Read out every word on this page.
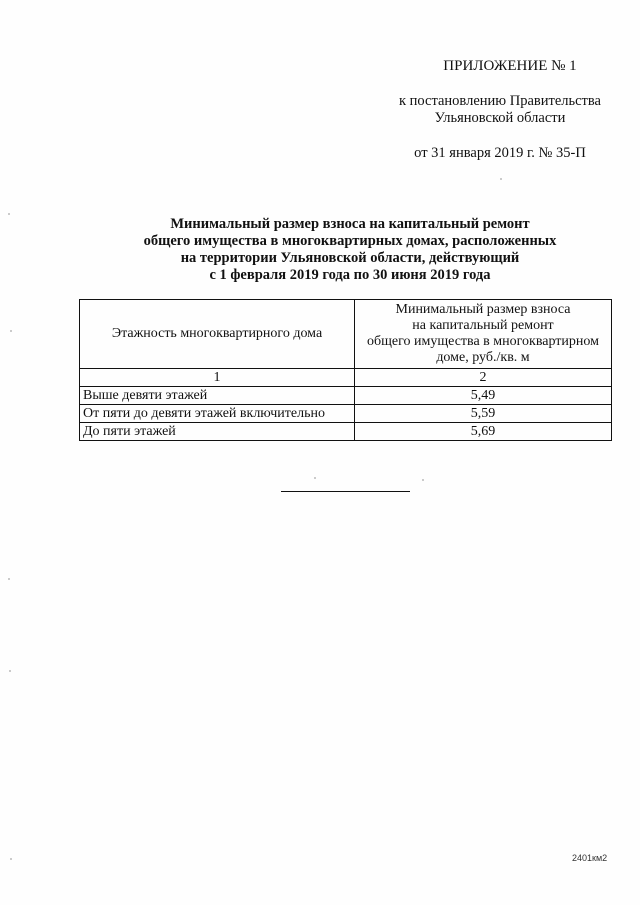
ПРИЛОЖЕНИЕ № 1
к постановлению Правительства
Ульяновской области
от 31 января 2019 г. № 35-П
Минимальный размер взноса на капитальный ремонт
общего имущества в многоквартирных домах, расположенных
на территории Ульяновской области, действующий
с 1 февраля 2019 года по 30 июня 2019 года
Этажность многоквартирного дома	Минимальный размер взноса
на капитальный ремонт
общего имущества в многоквартирном
доме, руб./кв. м

1	2
Выше девяти этажей	5,49
От пяти до девяти этажей включительно	5,59
До пяти этажей	5,69
2401км2
